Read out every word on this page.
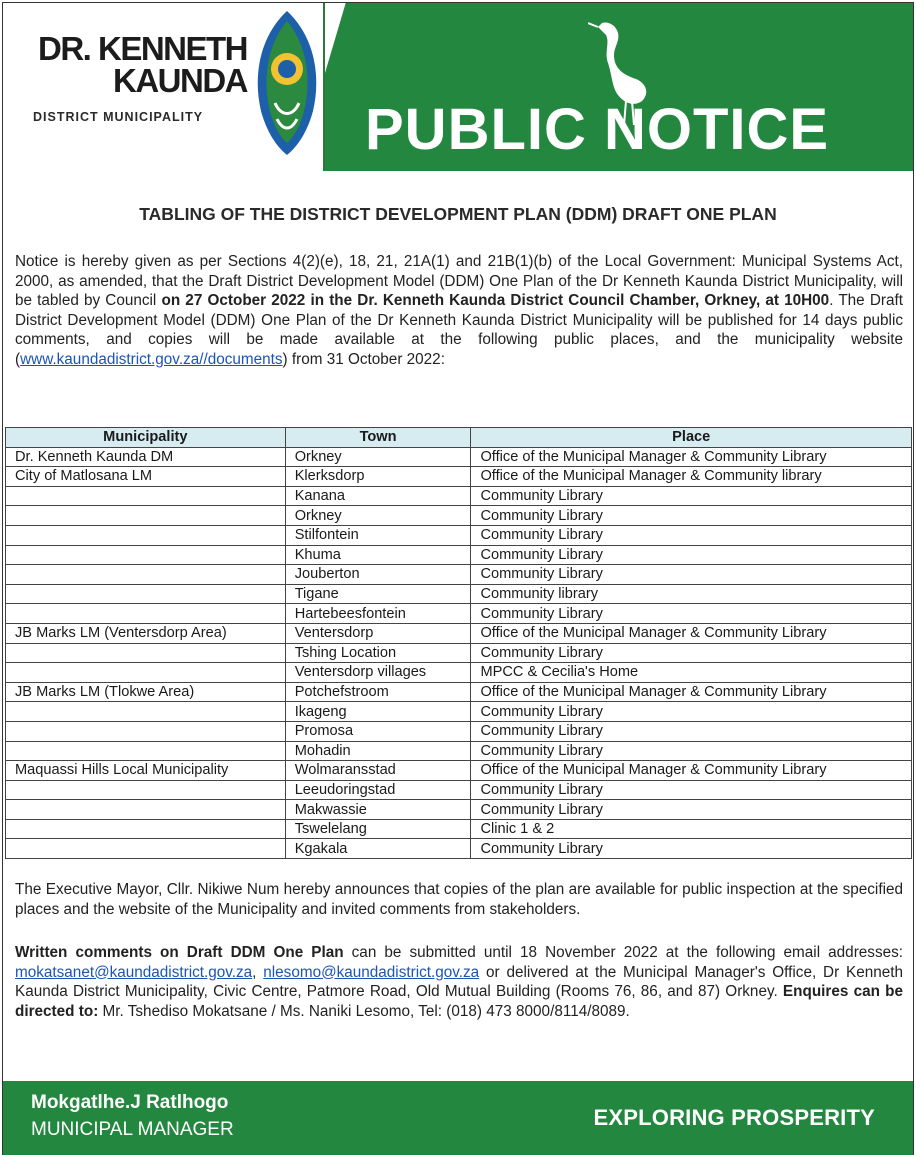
DR. KENNETH
KAUNDA
DISTRICT MUNICIPALITY	PUBLIC NOTICE
TABLING OF THE DISTRICT DEVELOPMENT PLAN (DDM) DRAFT ONE PLAN
Notice is hereby given as per Sections 4(2)(e), 18, 21, 21A(1) and 21B(1)(b) of the Local Government: Municipal Systems Act, 2000, as amended, that the Draft District Development Model (DDM) One Plan of the Dr Kenneth Kaunda District Municipality, will be tabled by Council on 27 October 2022 in the Dr. Kenneth Kaunda District Council Chamber, Orkney, at 10H00. The Draft District Development Model (DDM) One Plan of the Dr Kenneth Kaunda District Municipality will be published for 14 days public comments, and copies will be made available at the following public places, and the municipality website (www.kaundadistrict.gov.za//documents) from 31 October 2022:
Municipality	Town	Place
Dr. Kenneth Kaunda DM	Orkney	Office of the Municipal Manager & Community Library
City of Matlosana LM	Klerksdorp	Office of the Municipal Manager & Community library
	Kanana	Community Library
	Orkney	Community Library
	Stilfontein	Community Library
	Khuma	Community Library
	Jouberton	Community Library
	Tigane	Community library
	Hartebeesfontein	Community Library
JB Marks LM (Ventersdorp Area)	Ventersdorp	Office of the Municipal Manager & Community Library
	Tshing Location	Community Library
	Ventersdorp villages	MPCC & Cecilia's Home
JB Marks LM (Tlokwe Area)	Potchefstroom	Office of the Municipal Manager & Community Library
	Ikageng	Community Library
	Promosa	Community Library
	Mohadin	Community Library
Maquassi Hills Local Municipality	Wolmaransstad	Office of the Municipal Manager & Community Library
	Leeudoringstad	Community Library
	Makwassie	Community Library
	Tswelelang	Clinic 1 & 2
	Kgakala	Community Library
The Executive Mayor, Cllr. Nikiwe Num hereby announces that copies of the plan are available for public inspection at the specified places and the website of the Municipality and invited comments from stakeholders.
Written comments on Draft DDM One Plan can be submitted until 18 November 2022 at the following email addresses: mokatsanet@kaundadistrict.gov.za, nlesomo@kaundadistrict.gov.za or delivered at the Municipal Manager's Office, Dr Kenneth Kaunda District Municipality, Civic Centre, Patmore Road, Old Mutual Building (Rooms 76, 86, and 87) Orkney. Enquires can be directed to: Mr. Tshediso Mokatsane / Ms. Naniki Lesomo, Tel: (018) 473 8000/8114/8089.
Mokgatlhe.J Ratlhogo
MUNICIPAL MANAGER	EXPLORING PROSPERITY
